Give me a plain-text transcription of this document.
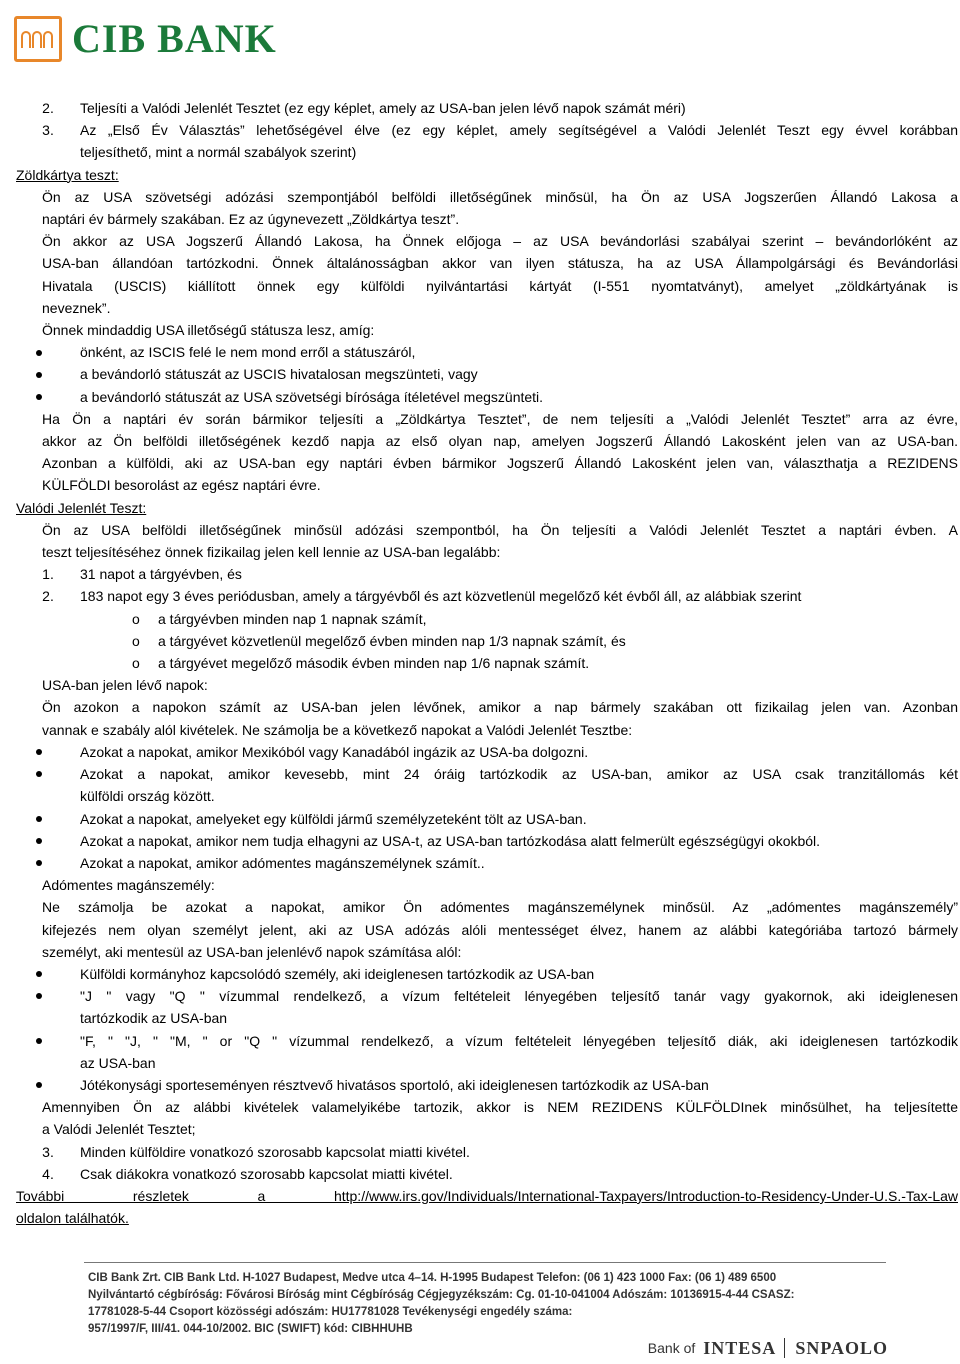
CIB BANK
2.	Teljesíti a Valódi Jelenlét Tesztet (ez egy képlet, amely az USA-ban jelen lévő napok számát méri)
3.	Az „Első Év Választás” lehetőségével élve (ez egy képlet, amely segítségével a Valódi Jelenlét Teszt egy évvel korábban
teljesíthető, mint a normál szabályok szerint)
Zöldkártya teszt:
Ön az USA szövetségi adózási szempontjából belföldi illetőségűnek minősül, ha Ön az USA Jogszerűen Állandó Lakosa a
naptári év bármely szakában. Ez az úgynevezett „Zöldkártya teszt”.
Ön akkor az USA Jogszerű Állandó Lakosa, ha Önnek előjoga – az USA bevándorlási szabályai szerint – bevándorlóként az
USA-ban állandóan tartózkodni. Önnek általánosságban akkor van ilyen státusza, ha az USA Állampolgársági és Bevándorlási
Hivatala (USCIS) kiállított önnek egy külföldi nyilvántartási kártyát (I-551 nyomtatványt), amelyet „zöldkártyának is
neveznek”.
Önnek mindaddig USA illetőségű státusza lesz, amíg:
önként, az ISCIS felé le nem mond erről a státuszáról,
a bevándorló státuszát az USCIS hivatalosan megszünteti, vagy
a bevándorló státuszát az USA szövetségi bírósága ítéletével megszünteti.
Ha Ön a naptári év során bármikor teljesíti a „Zöldkártya Tesztet”, de nem teljesíti a „Valódi Jelenlét Tesztet” arra az évre,
akkor az Ön belföldi illetőségének kezdő napja az első olyan nap, amelyen Jogszerű Állandó Lakosként jelen van az USA-ban.
Azonban a külföldi, aki az USA-ban egy naptári évben bármikor Jogszerű Állandó Lakosként jelen van, választhatja a REZIDENS
KÜLFÖLDI besorolást az egész naptári évre.
Valódi Jelenlét Teszt:
Ön az USA belföldi illetőségűnek minősül adózási szempontból, ha Ön teljesíti a Valódi Jelenlét Tesztet a naptári évben. A
teszt teljesítéséhez önnek fizikailag jelen kell lennie az USA-ban legalább:
1.	31 napot a tárgyévben, és
2.	183 napot egy 3 éves periódusban, amely a tárgyévből és azt közvetlenül megelőző két évből áll, az alábbiak szerint
o a tárgyévben minden nap 1 napnak számít,
o a tárgyévet közvetlenül megelőző évben minden nap 1/3 napnak számít, és
o a tárgyévet megelőző második évben minden nap 1/6 napnak számít.
USA-ban jelen lévő napok:
Ön azokon a napokon számít az USA-ban jelen lévőnek, amikor a nap bármely szakában ott fizikailag jelen van. Azonban
vannak e szabály alól kivételek. Ne számolja be a következő napokat a Valódi Jelenlét Tesztbe:
Azokat a napokat, amikor Mexikóból vagy Kanadából ingázik az USA-ba dolgozni.
Azokat a napokat, amikor kevesebb, mint 24 óráig tartózkodik az USA-ban, amikor az USA csak tranzitállomás két
külföldi ország között.
Azokat a napokat, amelyeket egy külföldi jármű személyzeteként tölt az USA-ban.
Azokat a napokat, amikor nem tudja elhagyni az USA-t, az USA-ban tartózkodása alatt felmerült egészségügyi okokból.
Azokat a napokat, amikor adómentes magánszemélynek számít..
Adómentes magánszemély:
Ne számolja be azokat a napokat, amikor Ön adómentes magánszemélynek minősül. Az „adómentes magánszemély”
kifejezés nem olyan személyt jelent, aki az USA adózás alóli mentességet élvez, hanem az alábbi kategóriába tartozó bármely
személyt, aki mentesül az USA-ban jelenlévő napok számítása alól:
Külföldi kormányhoz kapcsolódó személy, aki ideiglenesen tartózkodik az USA-ban
"J " vagy "Q " vízummal rendelkező, a vízum feltételeit lényegében teljesítő tanár vagy gyakornok, aki ideiglenesen
tartózkodik az USA-ban
"F, " "J, " "M, " or "Q " vízummal rendelkező, a vízum feltételeit lényegében teljesítő diák, aki ideiglenesen tartózkodik
az USA-ban
Jótékonysági sporteseményen résztvevő hivatásos sportoló, aki ideiglenesen tartózkodik az USA-ban
Amennyiben Ön az alábbi kivételek valamelyikébe tartozik, akkor is NEM REZIDENS KÜLFÖLDInek minősülhet, ha teljesítette
a Valódi Jelenlét Tesztet;
3.	Minden külföldire vonatkozó szorosabb kapcsolat miatti kivétel.
4.	Csak diákokra vonatkozó szorosabb kapcsolat miatti kivétel.
További részletek a http://www.irs.gov/Individuals/International-Taxpayers/Introduction-to-Residency-Under-U.S.-Tax-Law
oldalon találhatók.
CIB Bank Zrt. CIB Bank Ltd. H-1027 Budapest, Medve utca 4–14. H-1995 Budapest Telefon: (06 1) 423 1000 Fax: (06 1) 489 6500
Nyilvántartó cégbíróság: Fővárosi Bíróság mint Cégbíróság Cégjegyzékszám: Cg. 01-10-041004 Adószám: 10136915-4-44 CSASZ:
17781028-5-44 Csoport közösségi adószám: HU17781028 Tevékenységi engedély száma:
957/1997/F, III/41. 044-10/2002. BIC (SWIFT) kód: CIBHHUHB
Bank of INTESA SNPAOLO
